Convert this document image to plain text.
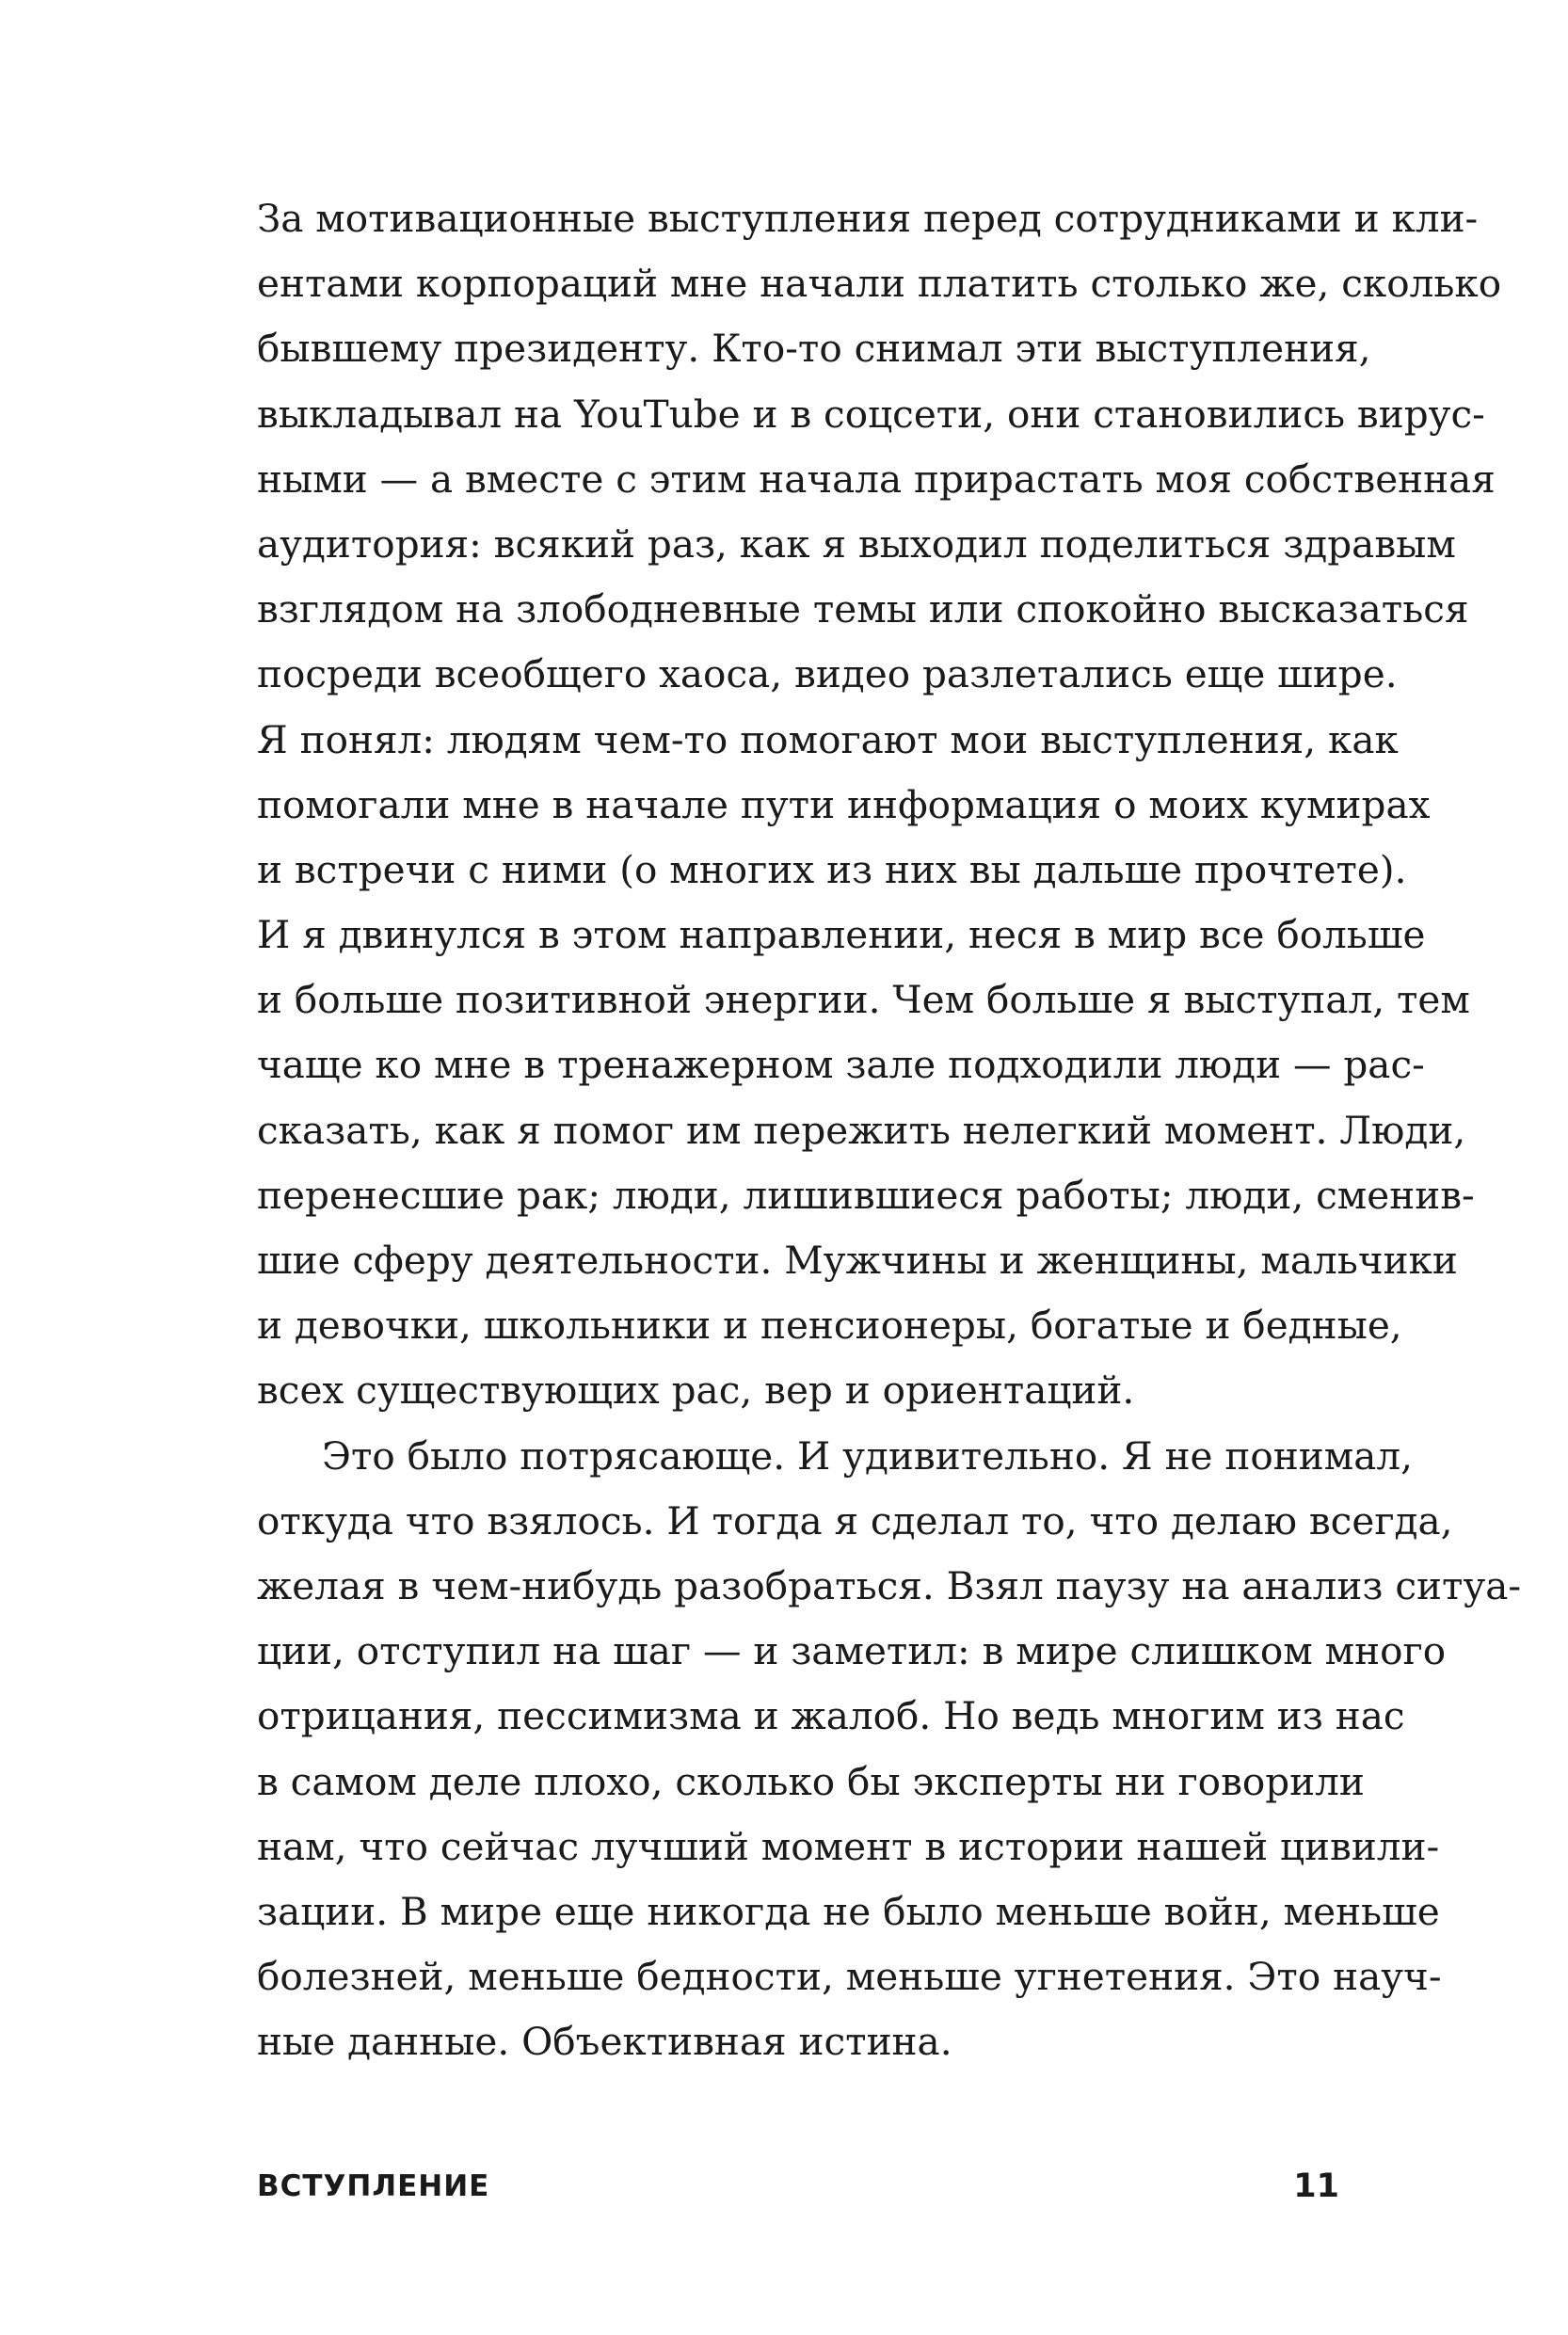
За мотивационные выступления перед сотрудниками и кли-
ентами корпораций мне начали платить столько же, сколько
бывшему президенту. Кто-то снимал эти выступления,
выкладывал на YouTube и в соцсети, они становились вирус-
ными — а вместе с этим начала прирастать моя собственная
аудитория: всякий раз, как я выходил поделиться здравым
взглядом на злободневные темы или спокойно высказаться
посреди всеобщего хаоса, видео разлетались еще шире.
Я понял: людям чем-то помогают мои выступления, как
помогали мне в начале пути информация о моих кумирах
и встречи с ними (о многих из них вы дальше прочтете).
И я двинулся в этом направлении, неся в мир все больше
и больше позитивной энергии. Чем больше я выступал, тем
чаще ко мне в тренажерном зале подходили люди — рас-
сказать, как я помог им пережить нелегкий момент. Люди,
перенесшие рак; люди, лишившиеся работы; люди, сменив-
шие сферу деятельности. Мужчины и женщины, мальчики
и девочки, школьники и пенсионеры, богатые и бедные,
всех существующих рас, вер и ориентаций.
Это было потрясающе. И удивительно. Я не понимал,
откуда что взялось. И тогда я сделал то, что делаю всегда,
желая в чем-нибудь разобраться. Взял паузу на анализ ситуа-
ции, отступил на шаг — и заметил: в мире слишком много
отрицания, пессимизма и жалоб. Но ведь многим из нас
в самом деле плохо, сколько бы эксперты ни говорили
нам, что сейчас лучший момент в истории нашей цивили-
зации. В мире еще никогда не было меньше войн, меньше
болезней, меньше бедности, меньше угнетения. Это науч-
ные данные. Объективная истина.
ВСТУПЛЕНИЕ	11
